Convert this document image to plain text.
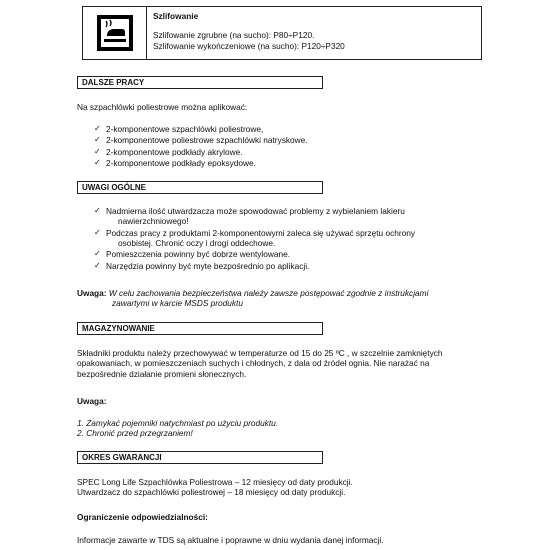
Szlifowanie
Szlifowanie zgrubne (na sucho): P80÷P120.
Szlifowanie wykończeniowe (na sucho): P120÷P320
DALSZE PRACY
Na szpachlówki poliestrowe można aplikować:
✓ 2-komponentowe szpachlówki poliestrowe,
✓ 2-komponentowe poliestrowe szpachlówki natryskowe.
✓ 2-komponentowe podkłady akrylowe.
✓ 2-komponentowe podkłady epoksydowe.
UWAGI OGÓLNE
✓ Nadmierna ilość utwardzacza może spowodować problemy z wybielaniem lakieru
nawierzchniowego!
✓ Podczas pracy z produktami 2-komponentowymi zaleca się używać sprzętu ochrony
osobistej. Chronić oczy i drogi oddechowe.
✓ Pomieszczenia powinny być dobrze wentylowane.
✓ Narzędzia powinny być myte bezpośrednio po aplikacji.
Uwaga: W celu zachowania bezpieczeństwa należy zawsze postępować zgodnie z instrukcjami
zawartymi w karcie MSDS produktu
MAGAZYNOWANIE
Składniki produktu należy przechowywać w temperaturze od 15 do 25 ºC , w szczelnie zamkniętych
opakowaniach, w pomieszczeniach suchych i chłodnych, z dala od źródeł ognia. Nie narażać na
bezpośrednie działanie promieni słonecznych.
Uwaga:
1. Zamykać pojemniki natychmiast po użyciu produktu.
2. Chronić przed przegrzaniem!
OKRES GWARANCJI
SPEC Long Life Szpachlówka Poliestrowa – 12 miesięcy od daty produkcji.
Utwardzacz do szpachlówki poliestrowej – 18 miesięcy od daty produkcji.
Ograniczenie odpowiedzialności:
Informacje zawarte w TDS są aktualne i poprawne w dniu wydania danej informacji.
